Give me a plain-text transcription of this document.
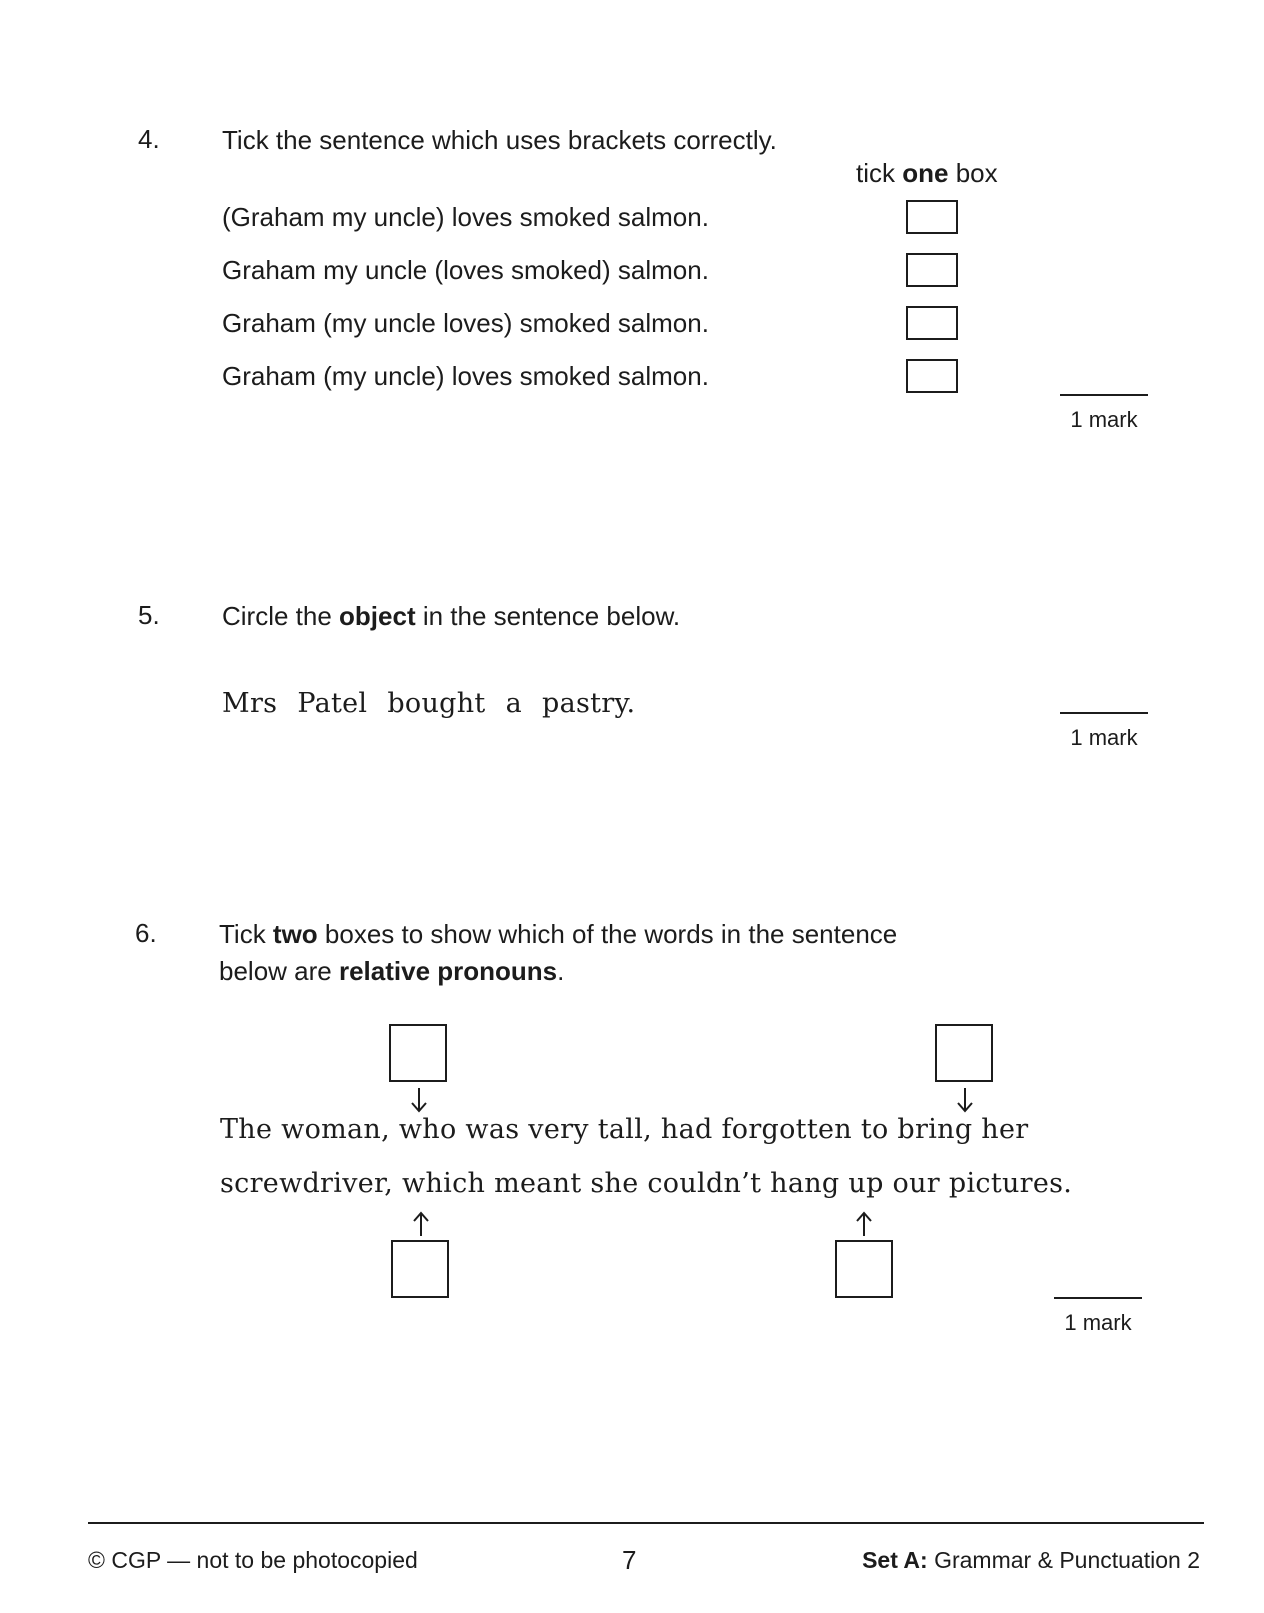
4. Tick the sentence which uses brackets correctly.
tick one box
(Graham my uncle) loves smoked salmon.
Graham my uncle (loves smoked) salmon.
Graham (my uncle loves) smoked salmon.
Graham (my uncle) loves smoked salmon.
1 mark
5. Circle the object in the sentence below.
Mrs Patel bought a pastry.
1 mark
6. Tick two boxes to show which of the words in the sentence
below are relative pronouns.
The woman, who was very tall, had forgotten to bring her
screwdriver, which meant she couldn’t hang up our pictures.
1 mark
© CGP — not to be photocopied	7	Set A: Grammar & Punctuation 2
